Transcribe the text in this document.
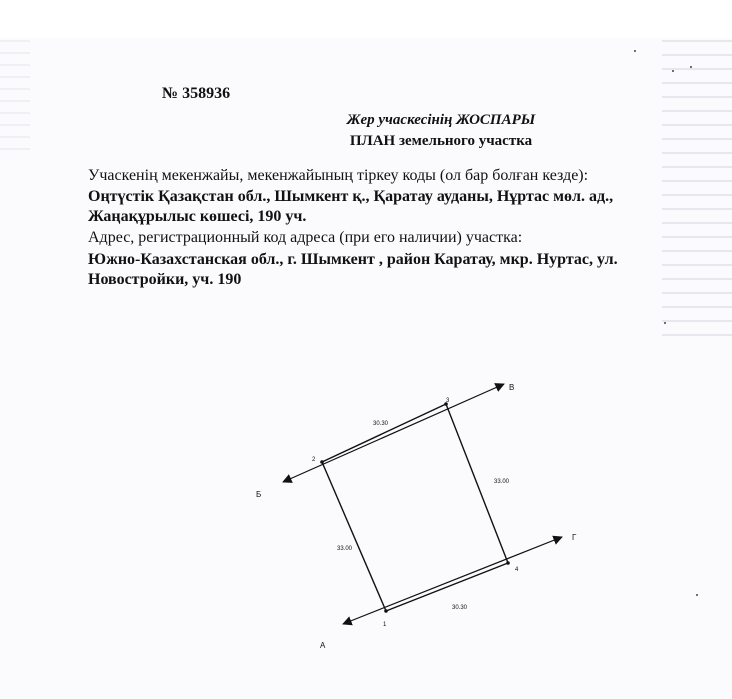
№ 358936
Жер учаскесінің ЖОСПАРЫ
ПЛАН земельного участка
Учаскенің мекенжайы, мекенжайының тіркеу коды (ол бар болған кезде):
Оңтүстік Қазақстан обл., Шымкент қ., Қаратау ауданы, Нұртас мөл. ад., Жаңақұрылыс көшесі, 190 уч.
Адрес, регистрационный код адреса (при его наличии) участка:
Южно-Казахстанская обл., г. Шымкент , район Каратау, мкр. Нуртас, ул. Новостройки, уч. 190
2
3
4
1
30.30
33.00
33.00
30.30
В
Б
Г
А
